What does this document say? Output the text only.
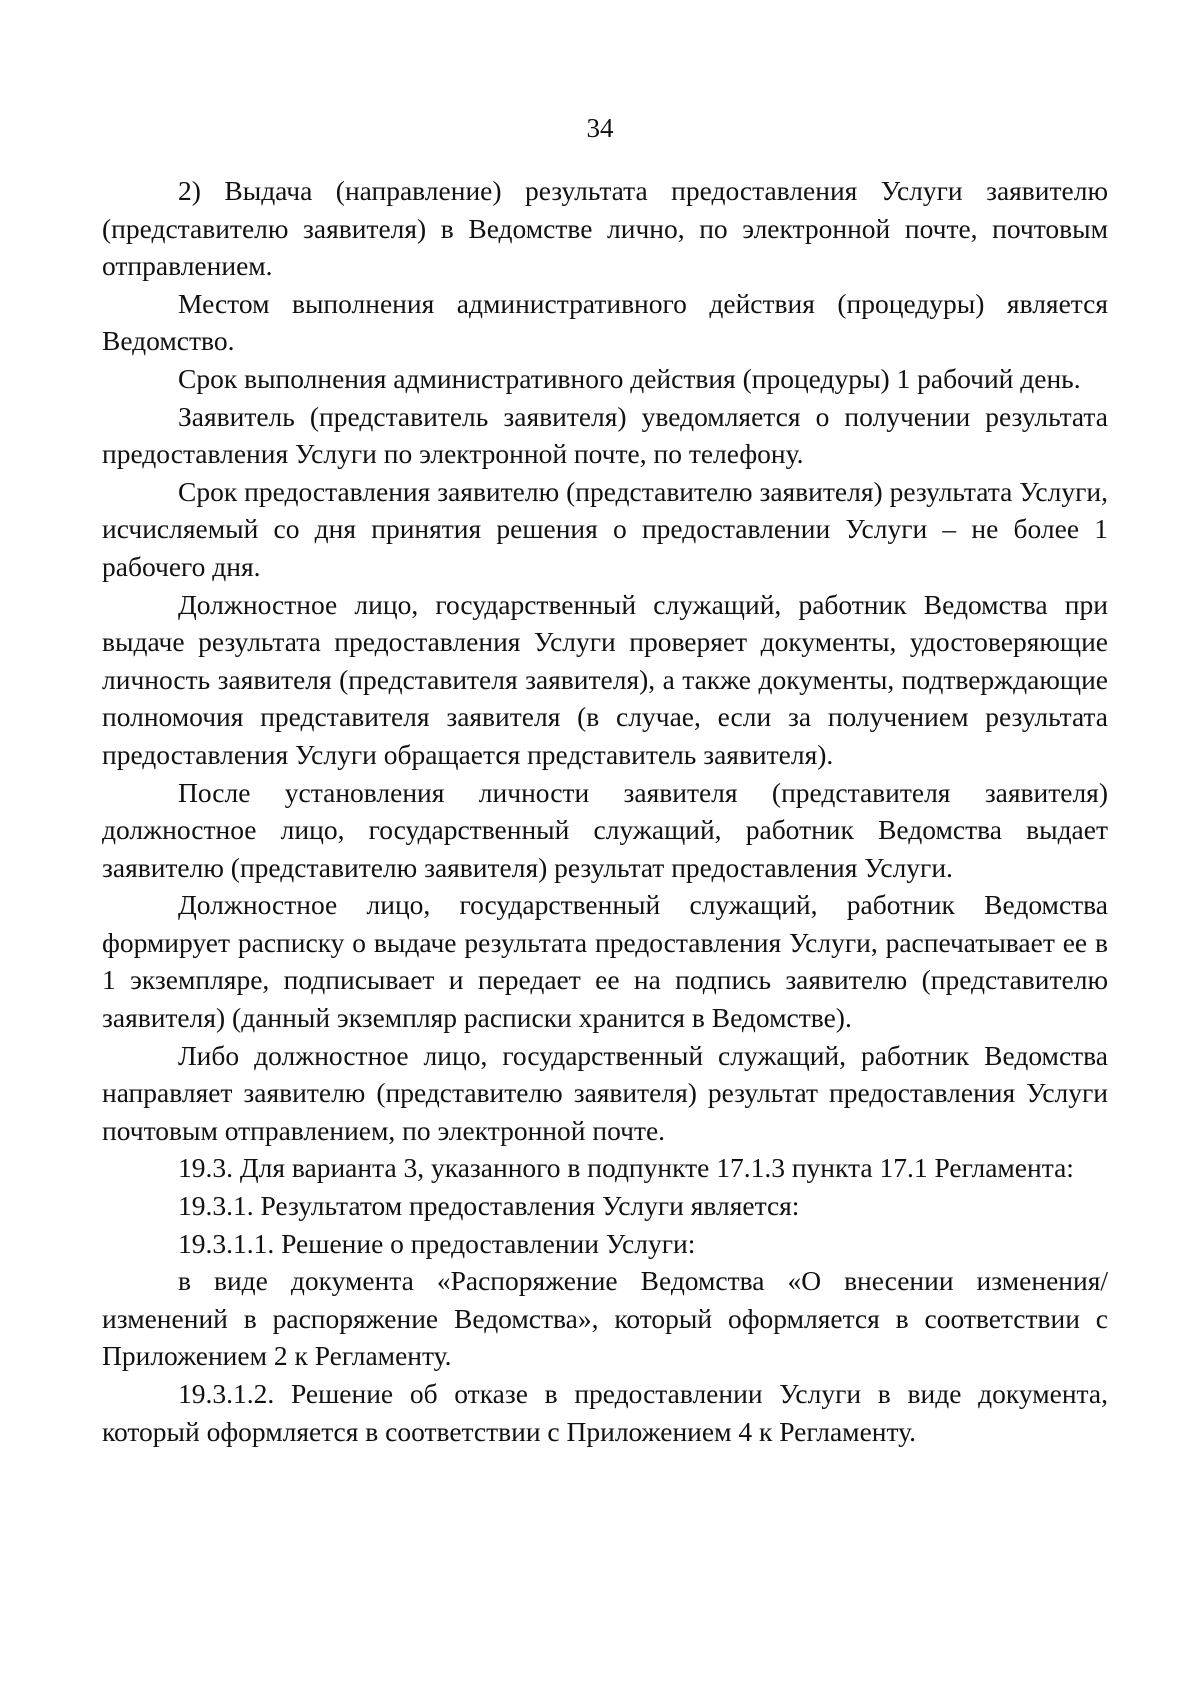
34

2) Выдача (направление) результата предоставления Услуги заявителю (представителю заявителя) в Ведомстве лично, по электронной почте, почтовым отправлением.

Местом выполнения административного действия (процедуры) является Ведомство.

Срок выполнения административного действия (процедуры) 1 рабочий день.

Заявитель (представитель заявителя) уведомляется о получении результата предоставления Услуги по электронной почте, по телефону.

Срок предоставления заявителю (представителю заявителя) результата Услуги, исчисляемый со дня принятия решения о предоставлении Услуги – не более 1 рабочего дня.

Должностное лицо, государственный служащий, работник Ведомства при выдаче результата предоставления Услуги проверяет документы, удостоверяющие личность заявителя (представителя заявителя), а также документы, подтверждающие полномочия представителя заявителя (в случае, если за получением результата предоставления Услуги обращается представитель заявителя).

После установления личности заявителя (представителя заявителя) должностное лицо, государственный служащий, работник Ведомства выдает заявителю (представителю заявителя) результат предоставления Услуги.

Должностное лицо, государственный служащий, работник Ведомства формирует расписку о выдаче результата предоставления Услуги, распечатывает ее в 1 экземпляре, подписывает и передает ее на подпись заявителю (представителю заявителя) (данный экземпляр расписки хранится в Ведомстве).

Либо должностное лицо, государственный служащий, работник Ведомства направляет заявителю (представителю заявителя) результат предоставления Услуги почтовым отправлением, по электронной почте.

19.3. Для варианта 3, указанного в подпункте 17.1.3 пункта 17.1 Регламента:

19.3.1. Результатом предоставления Услуги является:

19.3.1.1. Решение о предоставлении Услуги:

в виде документа «Распоряжение Ведомства «О внесении изменения/изменений в распоряжение Ведомства», который оформляется в соответствии с Приложением 2 к Регламенту.

19.3.1.2. Решение об отказе в предоставлении Услуги в виде документа, который оформляется в соответствии с Приложением 4 к Регламенту.
